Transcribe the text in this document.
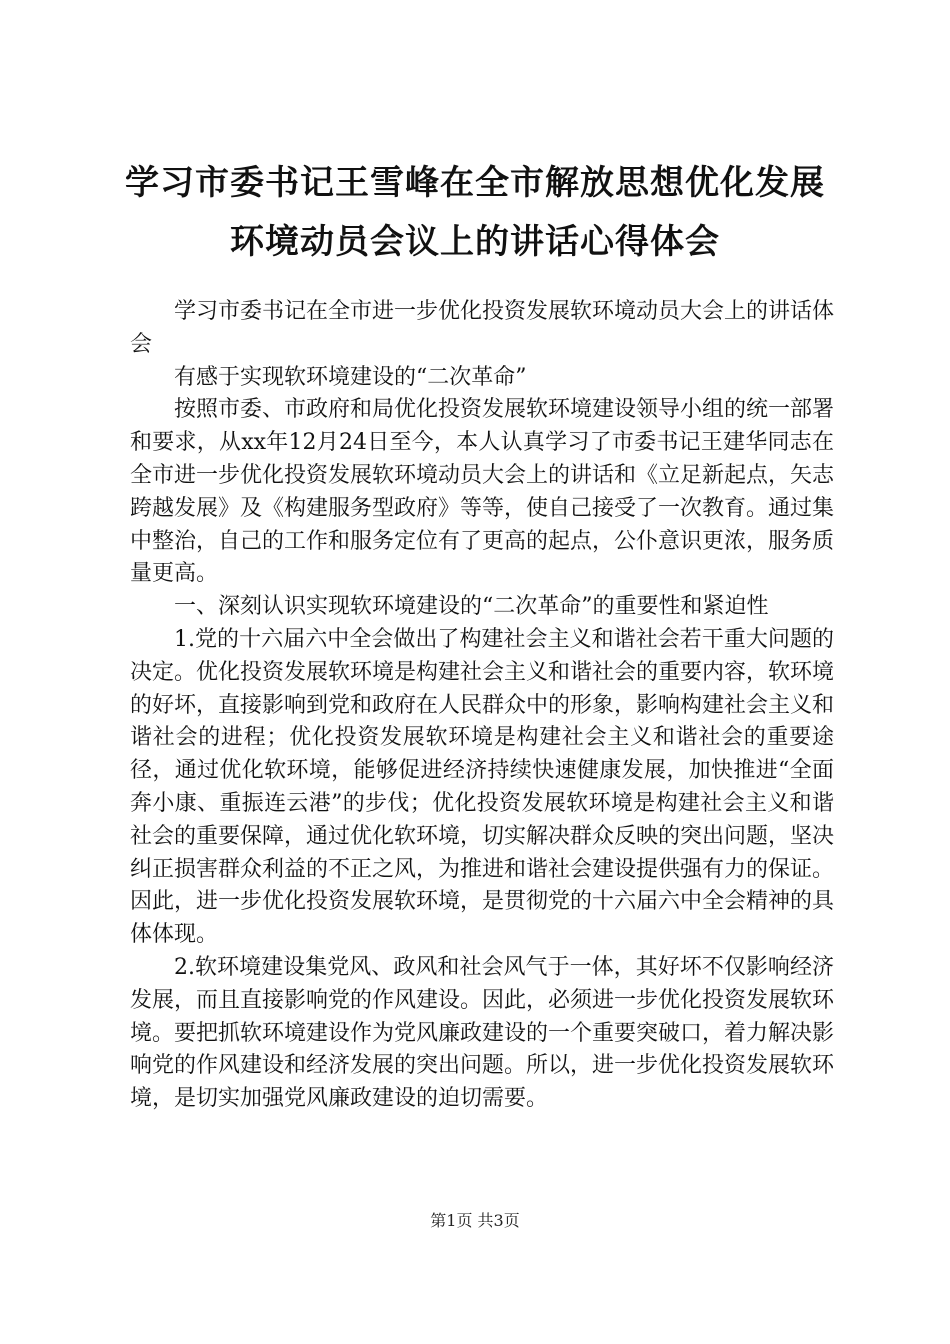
学习市委书记王雪峰在全市解放思想优化发展
环境动员会议上的讲话心得体会

学习市委书记在全市进一步优化投资发展软环境动员大会上的讲话体会

有感于实现软环境建设的“二次革命”

按照市委、市政府和局优化投资发展软环境建设领导小组的统一部署和要求，从xx年12月24日至今，本人认真学习了市委书记王建华同志在全市进一步优化投资发展软环境动员大会上的讲话和《立足新起点，矢志跨越发展》及《构建服务型政府》等等，使自己接受了一次教育。通过集中整治，自己的工作和服务定位有了更高的起点，公仆意识更浓，服务质量更高。

一、深刻认识实现软环境建设的“二次革命”的重要性和紧迫性

1.党的十六届六中全会做出了构建社会主义和谐社会若干重大问题的决定。优化投资发展软环境是构建社会主义和谐社会的重要内容，软环境的好坏，直接影响到党和政府在人民群众中的形象，影响构建社会主义和谐社会的进程；优化投资发展软环境是构建社会主义和谐社会的重要途径，通过优化软环境，能够促进经济持续快速健康发展，加快推进“全面奔小康、重振连云港”的步伐；优化投资发展软环境是构建社会主义和谐社会的重要保障，通过优化软环境，切实解决群众反映的突出问题，坚决纠正损害群众利益的不正之风，为推进和谐社会建设提供强有力的保证。因此，进一步优化投资发展软环境，是贯彻党的十六届六中全会精神的具体体现。

2.软环境建设集党风、政风和社会风气于一体，其好坏不仅影响经济发展，而且直接影响党的作风建设。因此，必须进一步优化投资发展软环境。要把抓软环境建设作为党风廉政建设的一个重要突破口，着力解决影响党的作风建设和经济发展的突出问题。所以，进一步优化投资发展软环境，是切实加强党风廉政建设的迫切需要。

第1页 共3页
